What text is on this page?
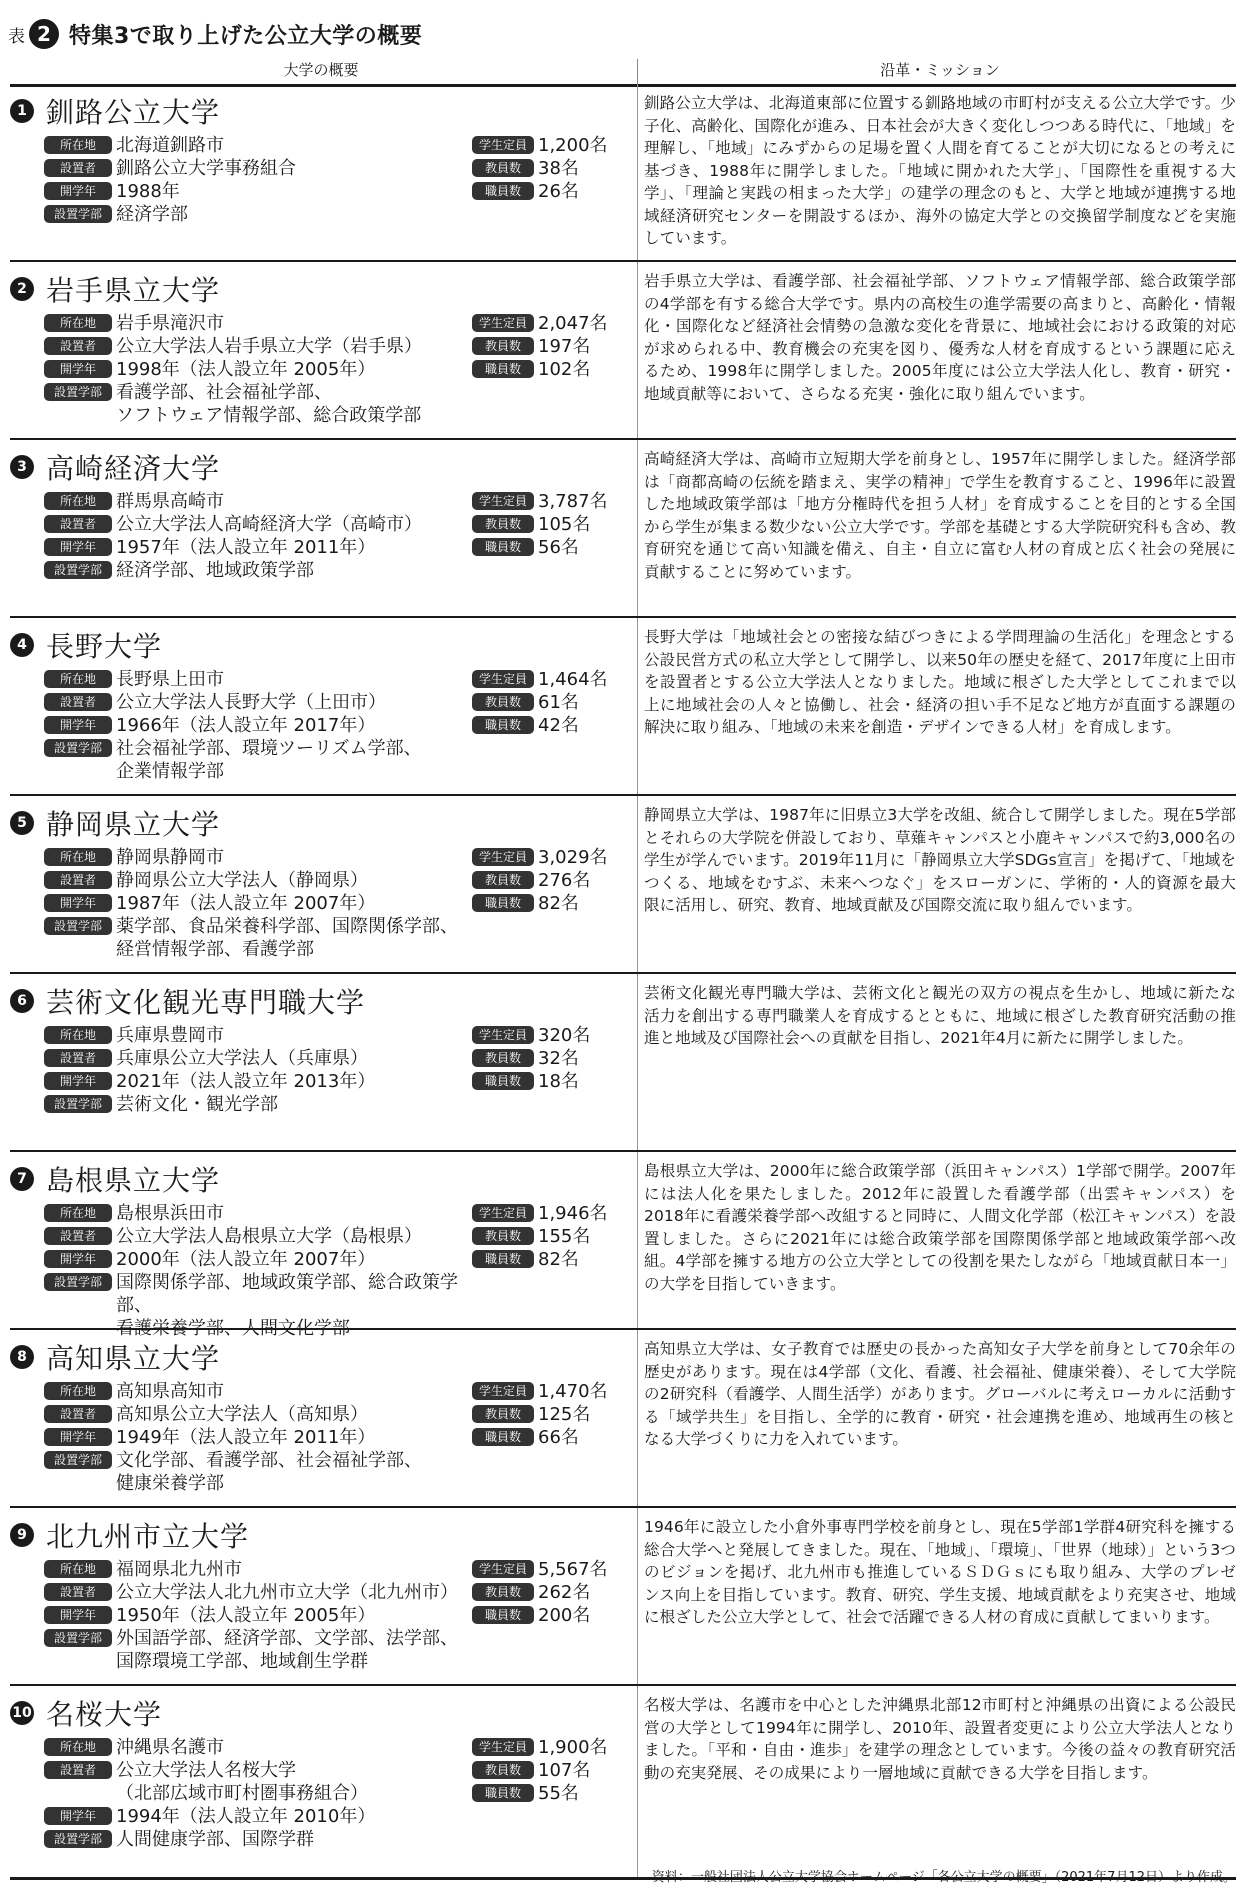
表 2 特集3で取り上げた公立大学の概要
大学の概要	沿革・ミッション
1 釧路公立大学
所在地	北海道釧路市
設置者	釧路公立大学事務組合
開学年	1988年
設置学部 経済学部
学生定員 1,200名
教員数 38名
職員数 26名
釧路公立大学は、北海道東部に位置する釧路地域の市町村が支える公立大学です。少子化、高齢化、国際化が進み、日本社会が大きく変化しつつある時代に、「地域」を理解し、「地域」にみずからの足場を置く人間を育てることが大切になるとの考えに基づき、1988年に開学しました。「地域に開かれた大学」、「国際性を重視する大学」、「理論と実践の相まった大学」の建学の理念のもと、大学と地域が連携する地域経済研究センターを開設するほか、海外の協定大学との交換留学制度などを実施しています。
2 岩手県立大学
所在地	岩手県滝沢市
設置者	公立大学法人岩手県立大学（岩手県）
開学年	1998年（法人設立年 2005年）
設置学部 看護学部、社会福祉学部、
ソフトウェア情報学部、総合政策学部
学生定員 2,047名
教員数 197名
職員数 102名
岩手県立大学は、看護学部、社会福祉学部、ソフトウェア情報学部、総合政策学部の4学部を有する総合大学です。県内の高校生の進学需要の高まりと、高齢化・情報化・国際化など経済社会情勢の急激な変化を背景に、地域社会における政策的対応が求められる中、教育機会の充実を図り、優秀な人材を育成するという課題に応えるため、1998年に開学しました。2005年度には公立大学法人化し、教育・研究・地域貢献等において、さらなる充実・強化に取り組んでいます。
3 高崎経済大学
所在地	群馬県高崎市
設置者	公立大学法人高崎経済大学（高崎市）
開学年	1957年（法人設立年 2011年）
設置学部 経済学部、地域政策学部
学生定員 3,787名
教員数 105名
職員数 56名
高崎経済大学は、高崎市立短期大学を前身とし、1957年に開学しました。経済学部は「商都高崎の伝統を踏まえ、実学の精神」で学生を教育すること、1996年に設置した地域政策学部は「地方分権時代を担う人材」を育成することを目的とする全国から学生が集まる数少ない公立大学です。学部を基礎とする大学院研究科も含め、教育研究を通じて高い知識を備え、自主・自立に富む人材の育成と広く社会の発展に貢献することに努めています。
4 長野大学
所在地	長野県上田市
設置者	公立大学法人長野大学（上田市）
開学年	1966年（法人設立年 2017年）
設置学部 社会福祉学部、環境ツーリズム学部、
企業情報学部
学生定員 1,464名
教員数 61名
職員数 42名
長野大学は「地域社会との密接な結びつきによる学問理論の生活化」を理念とする公設民営方式の私立大学として開学し、以来50年の歴史を経て、2017年度に上田市を設置者とする公立大学法人となりました。地域に根ざした大学としてこれまで以上に地域社会の人々と協働し、社会・経済の担い手不足など地方が直面する課題の解決に取り組み、「地域の未来を創造・デザインできる人材」を育成します。
5 静岡県立大学
所在地	静岡県静岡市
設置者	静岡県公立大学法人（静岡県）
開学年	1987年（法人設立年 2007年）
設置学部 薬学部、食品栄養科学部、国際関係学部、
経営情報学部、看護学部
学生定員 3,029名
教員数 276名
職員数 82名
静岡県立大学は、1987年に旧県立3大学を改組、統合して開学しました。現在5学部とそれらの大学院を併設しており、草薙キャンパスと小鹿キャンパスで約3,000名の学生が学んでいます。2019年11月に「静岡県立大学SDGs宣言」を掲げて、「地域をつくる、地域をむすぶ、未来へつなぐ」をスローガンに、学術的・人的資源を最大限に活用し、研究、教育、地域貢献及び国際交流に取り組んでいます。
6 芸術文化観光専門職大学
所在地	兵庫県豊岡市
設置者	兵庫県公立大学法人（兵庫県）
開学年	2021年（法人設立年 2013年）
設置学部 芸術文化・観光学部
学生定員 320名
教員数 32名
職員数 18名
芸術文化観光専門職大学は、芸術文化と観光の双方の視点を生かし、地域に新たな活力を創出する専門職業人を育成するとともに、地域に根ざした教育研究活動の推進と地域及び国際社会への貢献を目指し、2021年4月に新たに開学しました。
7 島根県立大学
所在地	島根県浜田市
設置者	公立大学法人島根県立大学（島根県）
開学年	2000年（法人設立年 2007年）
設置学部 国際関係学部、地域政策学部、総合政策学部、
看護栄養学部、人間文化学部
学生定員 1,946名
教員数 155名
職員数 82名
島根県立大学は、2000年に総合政策学部（浜田キャンパス）1学部で開学。2007年には法人化を果たしました。2012年に設置した看護学部（出雲キャンパス）を2018年に看護栄養学部へ改組すると同時に、人間文化学部（松江キャンパス）を設置しました。さらに2021年には総合政策学部を国際関係学部と地域政策学部へ改組。4学部を擁する地方の公立大学としての役割を果たしながら「地域貢献日本一」の大学を目指していきます。
8 高知県立大学
所在地	高知県高知市
設置者	高知県公立大学法人（高知県）
開学年	1949年（法人設立年 2011年）
設置学部 文化学部、看護学部、社会福祉学部、
健康栄養学部
学生定員 1,470名
教員数 125名
職員数 66名
高知県立大学は、女子教育では歴史の長かった高知女子大学を前身として70余年の歴史があります。現在は4学部（文化、看護、社会福祉、健康栄養）、そして大学院の2研究科（看護学、人間生活学）があります。グローバルに考えローカルに活動する「域学共生」を目指し、全学的に教育・研究・社会連携を進め、地域再生の核となる大学づくりに力を入れています。
9 北九州市立大学
所在地	福岡県北九州市
設置者	公立大学法人北九州市立大学（北九州市）
開学年	1950年（法人設立年 2005年）
設置学部 外国語学部、経済学部、文学部、法学部、
国際環境工学部、地域創生学群
学生定員 5,567名
教員数 262名
職員数 200名
1946年に設立した小倉外事専門学校を前身とし、現在5学部1学群4研究科を擁する総合大学へと発展してきました。現在、「地域」、「環境」、「世界（地球）」という3つのビジョンを掲げ、北九州市も推進しているＳＤＧｓにも取り組み、大学のプレゼンス向上を目指しています。教育、研究、学生支援、地域貢献をより充実させ、地域に根ざした公立大学として、社会で活躍できる人材の育成に貢献してまいります。
10 名桜大学
所在地	沖縄県名護市
設置者	公立大学法人名桜大学
（北部広域市町村圏事務組合）
開学年	1994年（法人設立年 2010年）
設置学部 人間健康学部、国際学群
学生定員 1,900名
教員数 107名
職員数 55名
名桜大学は、名護市を中心とした沖縄県北部12市町村と沖縄県の出資による公設民営の大学として1994年に開学し、2010年、設置者変更により公立大学法人となりました。「平和・自由・進歩」を建学の理念としています。今後の益々の教育研究活動の充実発展、その成果により一層地域に貢献できる大学を目指します。
資料：一般社団法人公立大学協会ホームページ「各公立大学の概要」（2021年7月12日）より作成。
